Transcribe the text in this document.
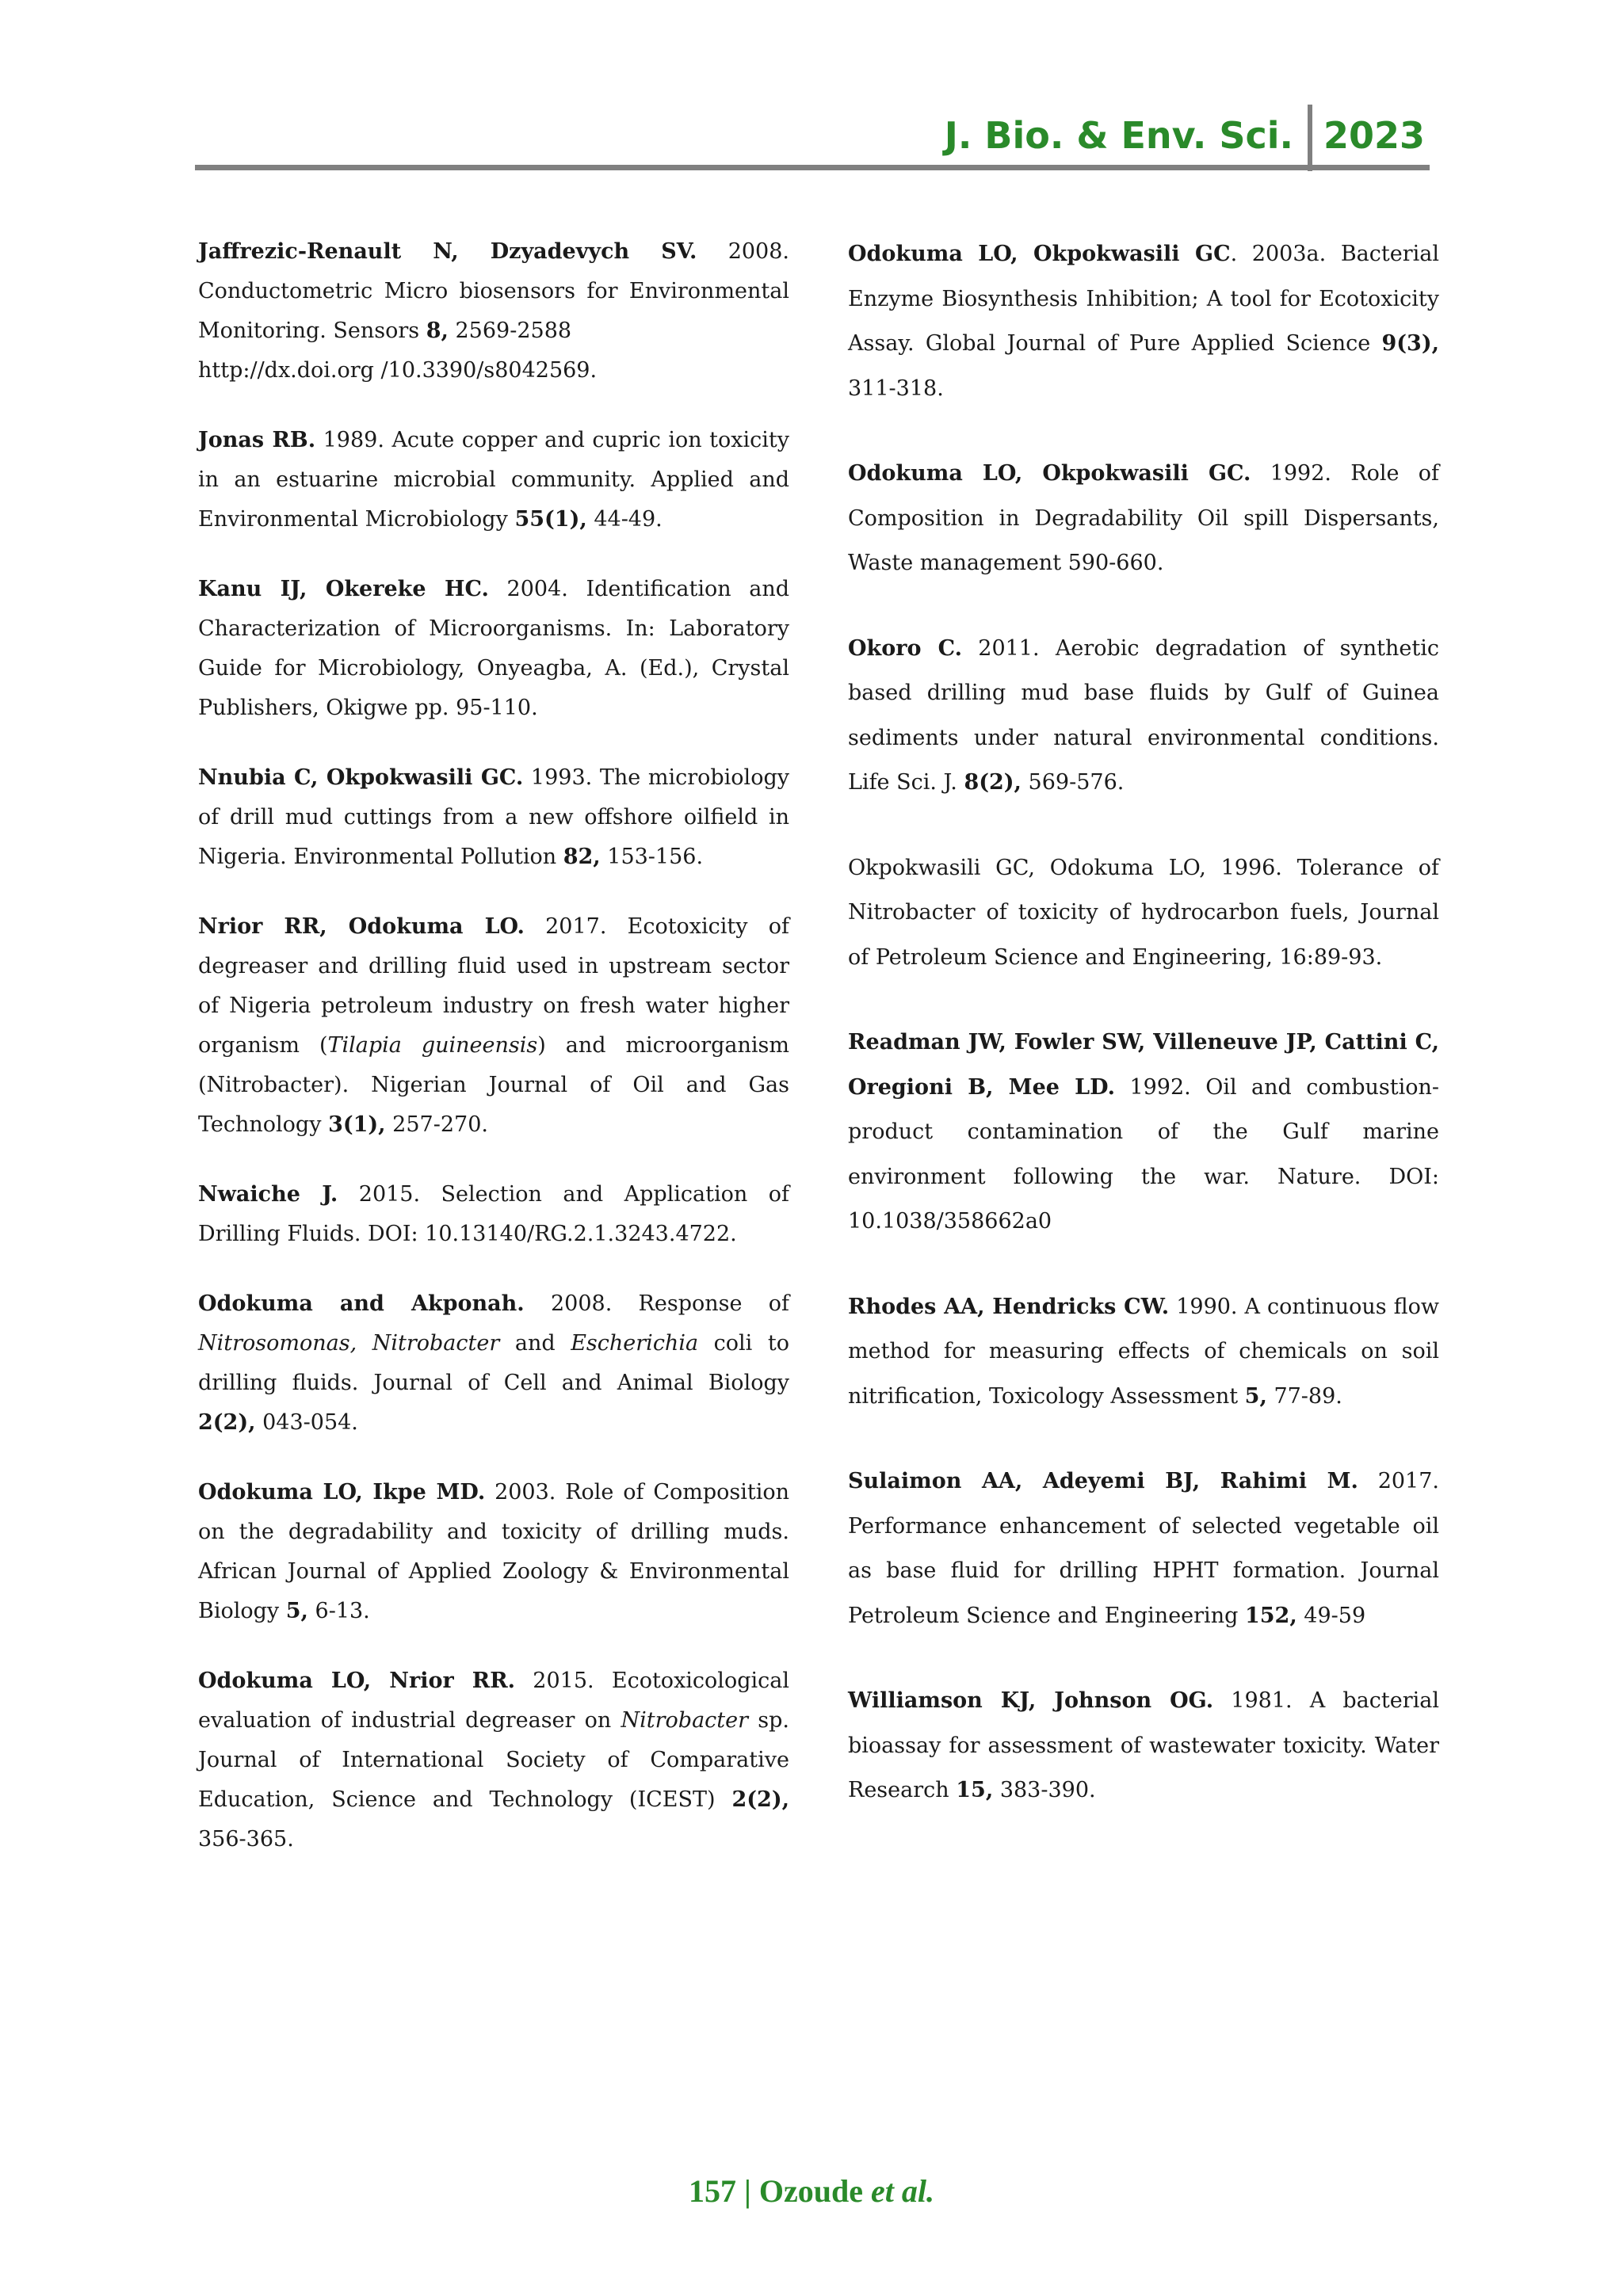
J. Bio. & Env. Sci. 2023

Jaffrezic-Renault N, Dzyadevych SV. 2008. Conductometric Micro biosensors for Environmental Monitoring. Sensors 8, 2569-2588
http://dx.doi.org /10.3390/s8042569.

Jonas RB. 1989. Acute copper and cupric ion toxicity in an estuarine microbial community. Applied and Environmental Microbiology 55(1), 44-49.

Kanu IJ, Okereke HC. 2004. Identification and Characterization of Microorganisms. In: Laboratory Guide for Microbiology, Onyeagba, A. (Ed.), Crystal Publishers, Okigwe pp. 95-110.

Nnubia C, Okpokwasili GC. 1993. The microbiology of drill mud cuttings from a new offshore oilfield in Nigeria. Environmental Pollution 82, 153-156.

Nrior RR, Odokuma LO. 2017. Ecotoxicity of degreaser and drilling fluid used in upstream sector of Nigeria petroleum industry on fresh water higher organism (Tilapia guineensis) and microorganism (Nitrobacter). Nigerian Journal of Oil and Gas Technology 3(1), 257-270.

Nwaiche J. 2015. Selection and Application of Drilling Fluids. DOI: 10.13140/RG.2.1.3243.4722.

Odokuma and Akponah. 2008. Response of Nitrosomonas, Nitrobacter and Escherichia coli to drilling fluids. Journal of Cell and Animal Biology 2(2), 043-054.

Odokuma LO, Ikpe MD. 2003. Role of Composition on the degradability and toxicity of drilling muds. African Journal of Applied Zoology & Environmental Biology 5, 6-13.

Odokuma LO, Nrior RR. 2015. Ecotoxicological evaluation of industrial degreaser on Nitrobacter sp. Journal of International Society of Comparative Education, Science and Technology (ICEST) 2(2), 356-365.

Odokuma LO, Okpokwasili GC. 2003a. Bacterial Enzyme Biosynthesis Inhibition; A tool for Ecotoxicity Assay. Global Journal of Pure Applied Science 9(3), 311-318.

Odokuma LO, Okpokwasili GC. 1992. Role of Composition in Degradability Oil spill Dispersants, Waste management 590-660.

Okoro C. 2011. Aerobic degradation of synthetic based drilling mud base fluids by Gulf of Guinea sediments under natural environmental conditions. Life Sci. J. 8(2), 569-576.

Okpokwasili GC, Odokuma LO, 1996. Tolerance of Nitrobacter of toxicity of hydrocarbon fuels, Journal of Petroleum Science and Engineering, 16:89-93.

Readman JW, Fowler SW, Villeneuve JP, Cattini C, Oregioni B, Mee LD. 1992. Oil and combustion-product contamination of the Gulf marine environment following the war. Nature. DOI: 10.1038/358662a0

Rhodes AA, Hendricks CW. 1990. A continuous flow method for measuring effects of chemicals on soil nitrification, Toxicology Assessment 5, 77-89.

Sulaimon AA, Adeyemi BJ, Rahimi M. 2017. Performance enhancement of selected vegetable oil as base fluid for drilling HPHT formation. Journal Petroleum Science and Engineering 152, 49-59

Williamson KJ, Johnson OG. 1981. A bacterial bioassay for assessment of wastewater toxicity. Water Research 15, 383-390.

157 | Ozoude et al.
